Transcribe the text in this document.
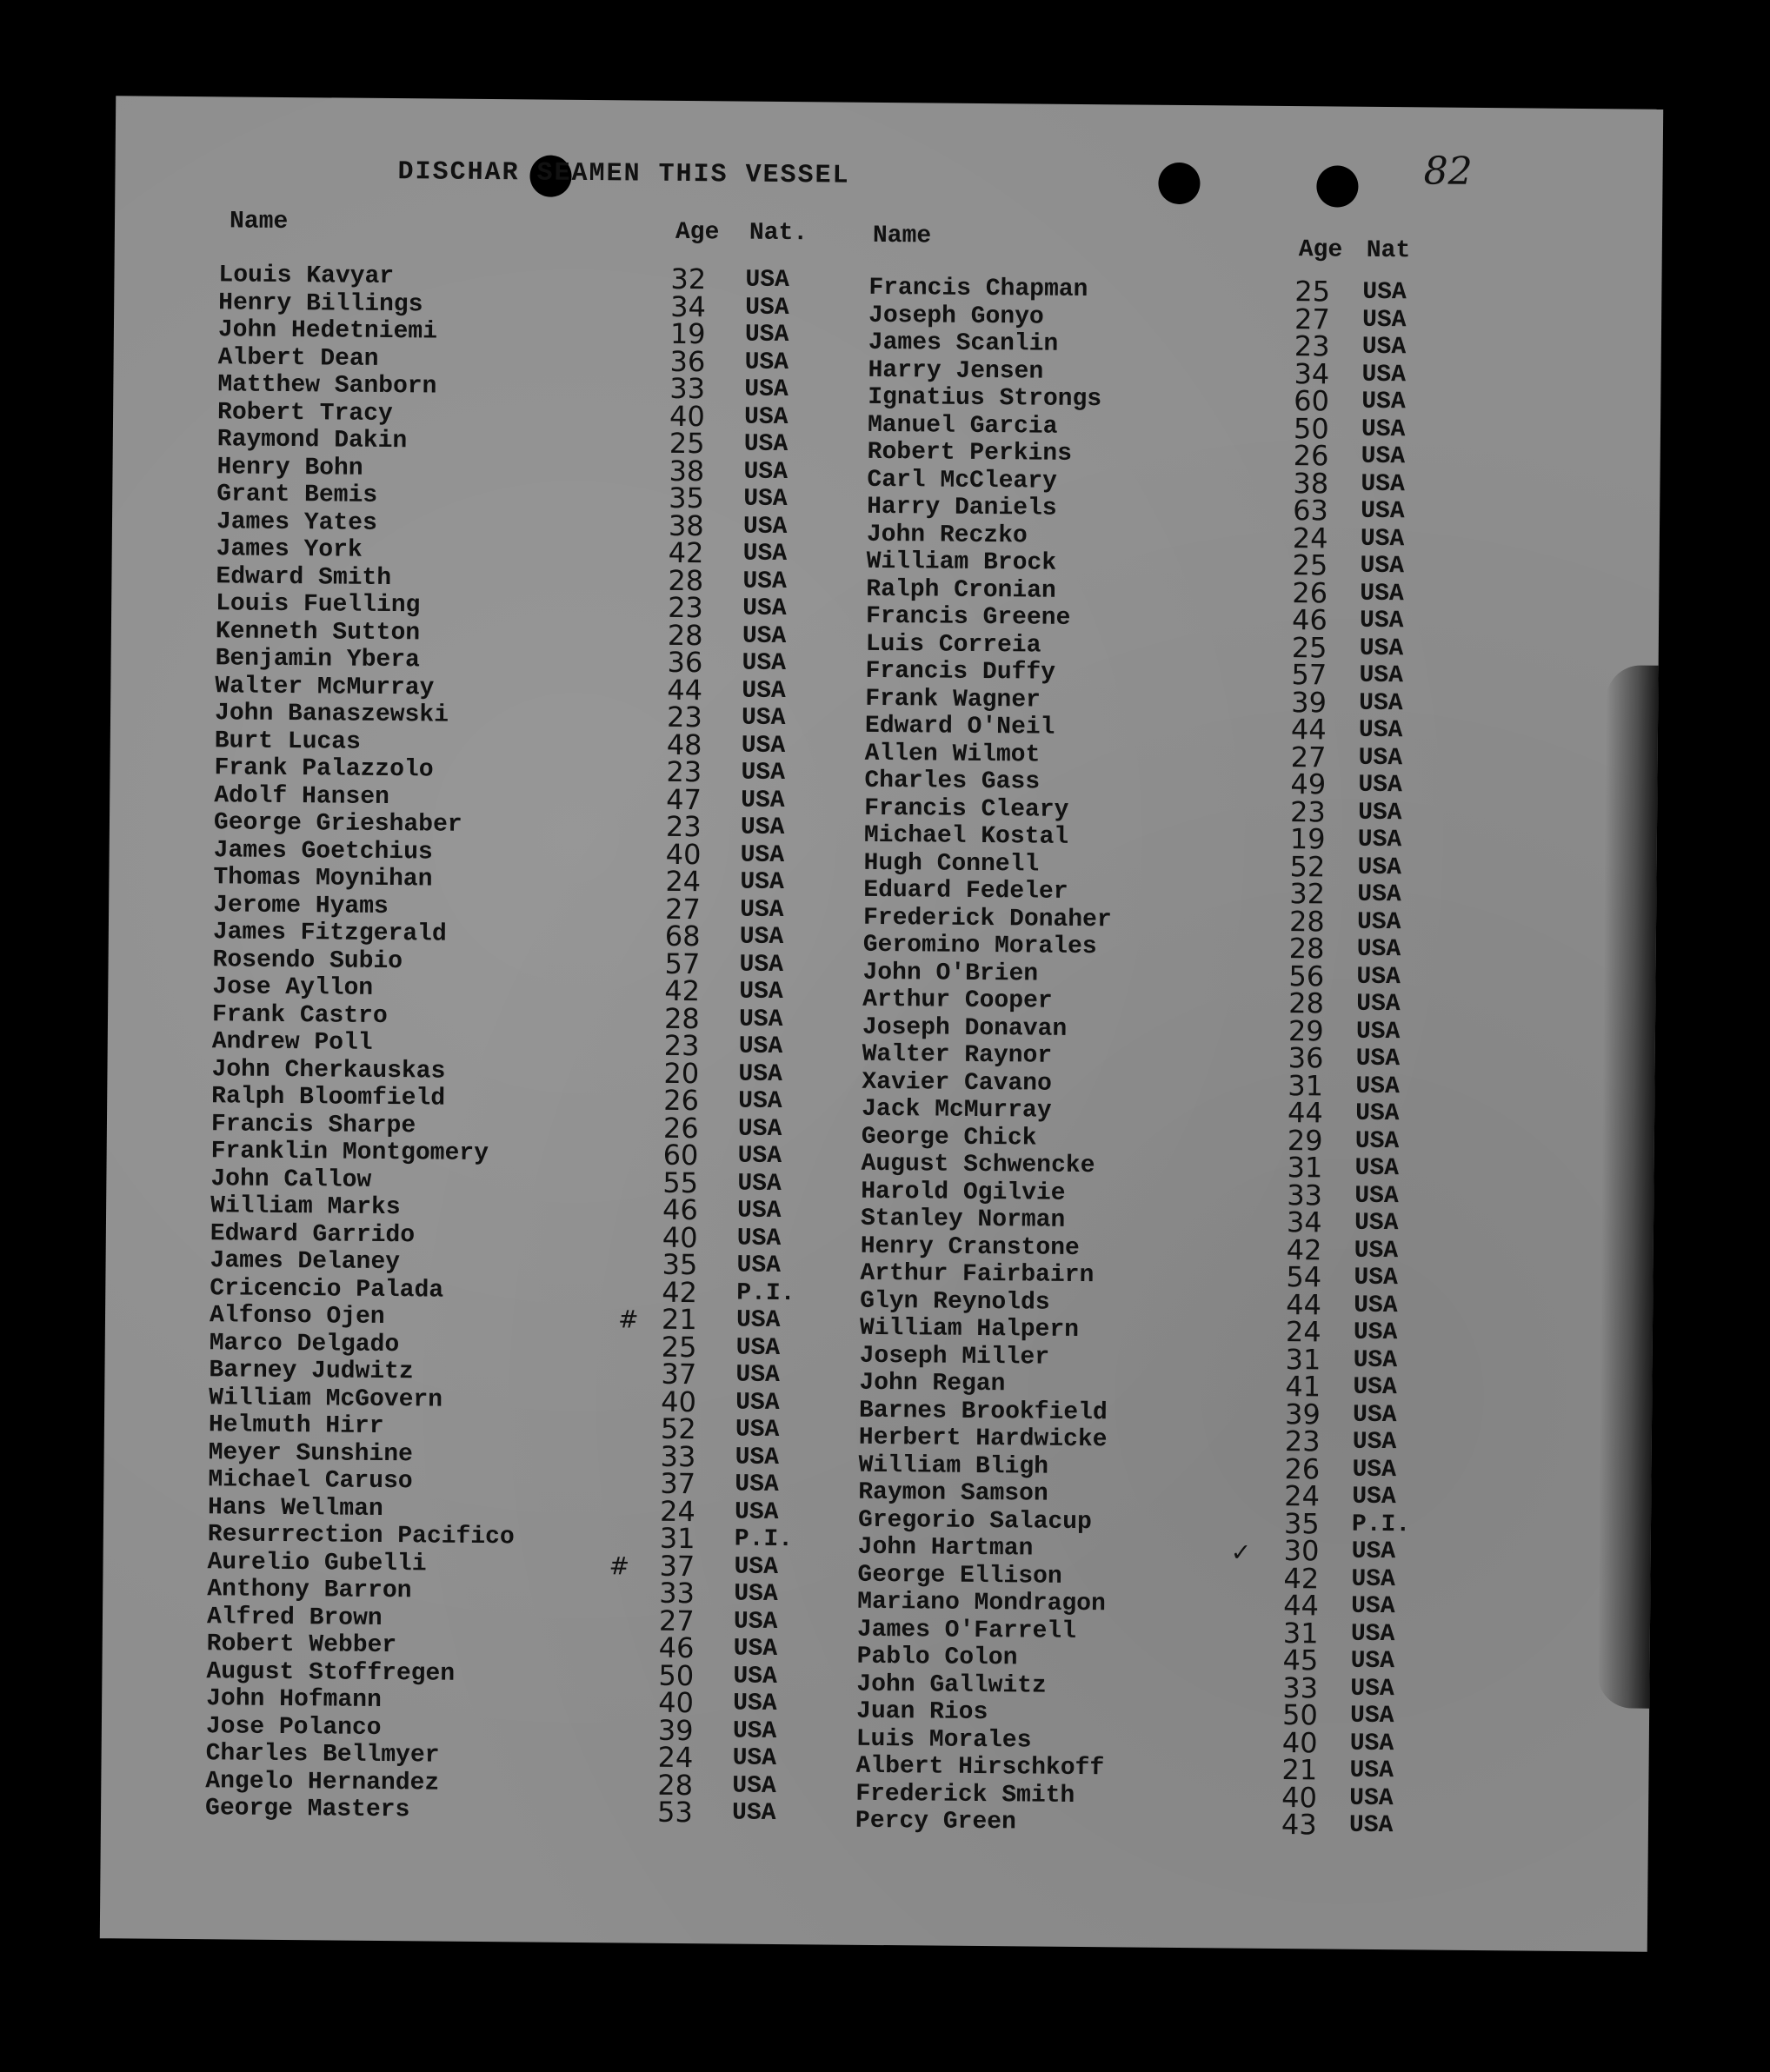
DISCHAR SEAMEN THIS VESSEL	82
Name	Age Nat.	Name
Age Nat
Louis Kavyar	32 USA
Henry Billings	34 USA
John Hedetniemi	19 USA
Albert Dean	36 USA
Matthew Sanborn	33 USA
Robert Tracy	40 USA
Raymond Dakin	25 USA
Henry Bohn	38 USA
Grant Bemis	35 USA
James Yates	38 USA
James York	42 USA
Edward Smith	28 USA
Louis Fuelling	23 USA
Kenneth Sutton	28 USA
Benjamin Ybera	36 USA
Walter McMurray	44 USA
John Banaszewski	23 USA
Burt Lucas	48 USA
Frank Palazzolo	23 USA
Adolf Hansen	47 USA
George Grieshaber	23 USA
James Goetchius	40 USA
Thomas Moynihan	24 USA
Jerome Hyams	27 USA
James Fitzgerald	68 USA
Rosendo Subio	57 USA
Jose Ayllon	42 USA
Frank Castro	28 USA
Andrew Poll	23 USA
John Cherkauskas	20 USA
Ralph Bloomfield	26 USA
Francis Sharpe	26 USA
Franklin Montgomery	60 USA
John Callow	55 USA
William Marks	46 USA
Edward Garrido	40 USA
James Delaney	35 USA
Cricencio Palada	42 P.I.
Alfonso Ojen	21 USA
Marco Delgado	25 USA
Barney Judwitz	37 USA
William McGovern	40 USA
Helmuth Hirr	52 USA
Meyer Sunshine	33 USA
Michael Caruso	37 USA
Hans Wellman	24 USA
Resurrection Pacifico	31 P.I.
Aurelio Gubelli	37 USA
Anthony Barron	33 USA
Alfred Brown	27 USA
Robert Webber	46 USA
August Stoffregen	50 USA
John Hofmann	40 USA
Jose Polanco	39 USA
Charles Bellmyer	24 USA
Angelo Hernandez	28 USA
George Masters	53 USA
Francis Chapman	25 USA
Joseph Gonyo	27 USA
James Scanlin	23 USA
Harry Jensen	34 USA
Ignatius Strongs	60 USA
Manuel Garcia	50 USA
Robert Perkins	26 USA
Carl McCleary	38 USA
Harry Daniels	63 USA
John Reczko	24 USA
William Brock	25 USA
Ralph Cronian	26 USA
Francis Greene	46 USA
Luis Correia	25 USA
Francis Duffy	57 USA
Frank Wagner	39 USA
Edward O'Neil	44 USA
Allen Wilmot	27 USA
Charles Gass	49 USA
Francis Cleary	23 USA
Michael Kostal	19 USA
Hugh Connell	52 USA
Eduard Fedeler	32 USA
Frederick Donaher	28 USA
Geromino Morales	28 USA
John O'Brien	56 USA
Arthur Cooper	28 USA
Joseph Donavan	29 USA
Walter Raynor	36 USA
Xavier Cavano	31 USA
Jack McMurray	44 USA
George Chick	29 USA
August Schwencke	31 USA
Harold Ogilvie	33 USA
Stanley Norman	34 USA
Henry Cranstone	42 USA
Arthur Fairbairn	54 USA
Glyn Reynolds	44 USA
William Halpern	24 USA
Joseph Miller	31 USA
John Regan	41 USA
Barnes Brookfield	39 USA
Herbert Hardwicke	23 USA
William Bligh	26 USA
Raymon Samson	24 USA
Gregorio Salacup	35 P.I.
John Hartman	30 USA
George Ellison	42 USA
Mariano Mondragon	44 USA
James O'Farrell	31 USA
Pablo Colon	45 USA
John Gallwitz	33 USA
Juan Rios	50 USA
Luis Morales	40 USA
Albert Hirschkoff	21 USA
Frederick Smith	40 USA
Percy Green	43 USA
#
#	✓
